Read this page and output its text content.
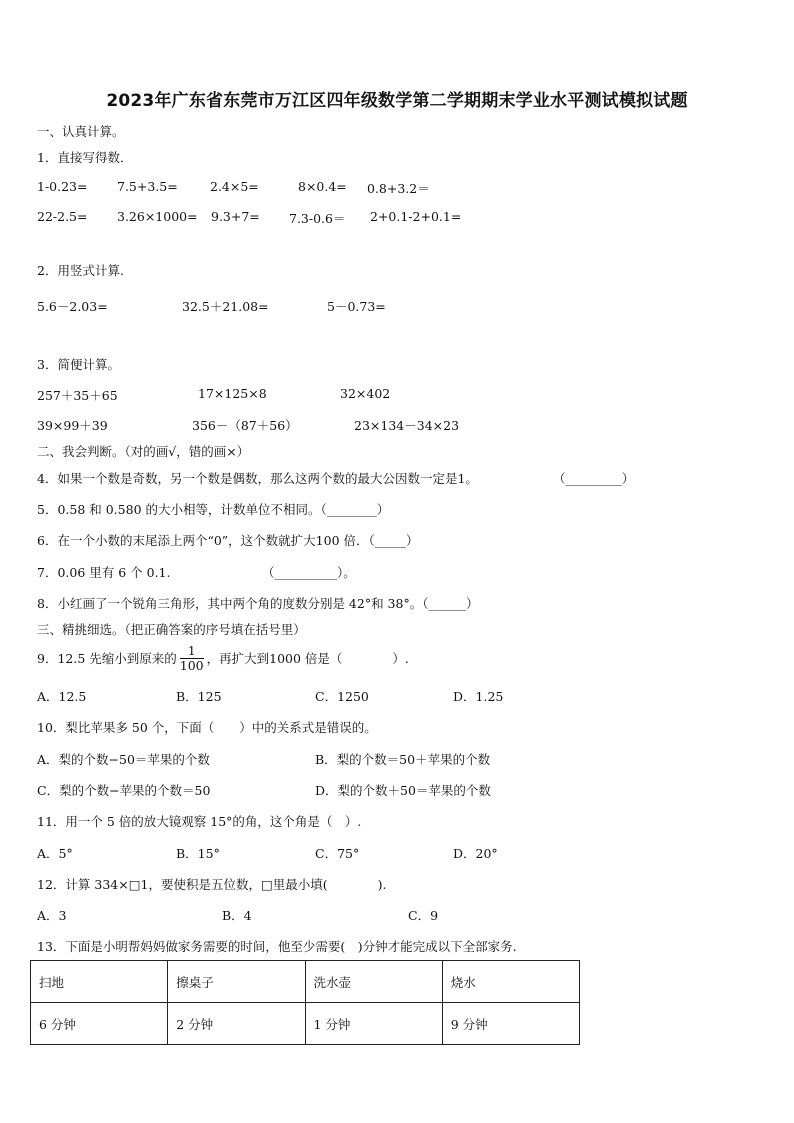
2023年广东省东莞市万江区四年级数学第二学期期末学业水平测试模拟试题
一、认真计算。
1．直接写得数．
1-0.23= 7.5+3.5=	2.4×5=	8×0.4= 0.8+3.2＝
22-2.5= 3.26×1000= 9.3+7= 7.3-0.6＝ 2+0.1-2+0.1=
2．用竖式计算.
5.6－2.03=	32.5＋21.08=	5－0.73=
3．简便计算。
257＋35＋65	17×125×8	32×402
39×99＋39	356－（87＋56）	23×134－34×23
二、我会判断。（对的画√，错的画×）
4．如果一个数是奇数，另一个数是偶数，那么这两个数的最大公因数一定是1。	（_________）
5．0.58 和 0.580 的大小相等，计数单位不相同。（________）
6．在一个小数的末尾添上两个“0”，这个数就扩大100 倍．（_____）
7．0.06 里有 6 个 0.1.	（__________）。
8．小红画了一个锐角三角形，其中两个角的度数分别是 42°和 38°。（______）
三、精挑细选。（把正确答案的序号填在括号里）
9．12.5 先缩小到原来的 $\frac{1}{100}$ ，再扩大到1000 倍是（　　　　）.
A．12.5	B．125	C．1250	D．1.25
10．梨比苹果多 50 个，下面（　　）中的关系式是错误的。
A．梨的个数−50＝苹果的个数	B．梨的个数＝50＋苹果的个数
C．梨的个数−苹果的个数＝50	D．梨的个数＋50＝苹果的个数
11．用一个 5 倍的放大镜观察 15°的角，这个角是（　）.
A．5°	B．15°	C．75°	D．20°
12．计算 334×□1，要使积是五位数，□里最小填(　　　　).
A．3	B．4	C．9
13．下面是小明帮妈妈做家务需要的时间，他至少需要(　)分钟才能完成以下全部家务.
扫地	擦桌子	洗水壶	烧水
6 分钟	2 分钟	1 分钟	9 分钟
